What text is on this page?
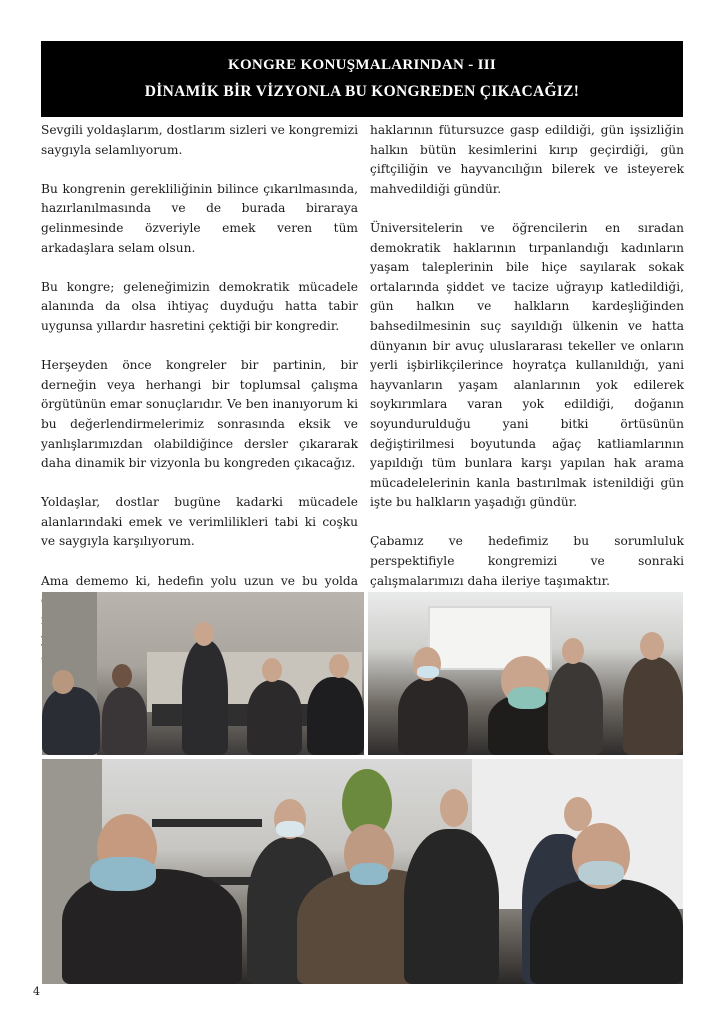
KONGRE KONUŞMALARINDAN - III
DİNAMİK BİR VİZYONLA BU KONGREDEN ÇIKACAĞIZ!

Sevgili yoldaşlarım, dostlarım sizleri ve kongremizi saygıyla selamlıyorum.

Bu kongrenin gerekliliğinin bilince çıkarılmasında, hazırlanılmasında ve de burada biraraya gelinmesinde özveriyle emek veren tüm arkadaşlara selam olsun.

Bu kongre; geleneğimizin demokratik mücadele alanında da olsa ihtiyaç duyduğu hatta tabir uygunsa yıllardır hasretini çektiği bir kongredir.

Herşeyden önce kongreler bir partinin, bir derneğin veya herhangi bir toplumsal çalışma örgütünün emar sonuçlarıdır. Ve ben inanıyorum ki bu değerlendirmelerimiz sonrasında eksik ve yanlışlarımızdan olabildiğince dersler çıkararak daha dinamik bir vizyonla bu kongreden çıkacağız.

Yoldaşlar, dostlar bugüne kadarki mücadele alanlarındaki emek ve verimlilikleri tabi ki coşku ve saygıyla karşılıyorum.

Ama dememo ki, hedefin yolu uzun ve bu yolda

haklarının fütursuzce gasp edildiği, gün işsizliğin halkın bütün kesimlerini kırıp geçirdiği, gün çiftçiliğin ve hayvancılığın bilerek ve isteyerek mahvedildiği gündür.

Üniversitelerin ve öğrencilerin en sıradan demokratik haklarının tırpanlandığı kadınların yaşam taleplerinin bile hiçe sayılarak sokak ortalarında şiddet ve tacize uğrayıp katledildiği, gün halkın ve halkların kardeşliğinden bahsedilmesinin suç sayıldığı ülkenin ve hatta dünyanın bir avuç uluslararası tekeller ve onların yerli işbirlikçilerince hoyratça kullanıldığı, yani hayvanların yaşam alanlarının yok edilerek soykırımlara varan yok edildiği, doğanın soyundurulduğu yani bitki örtüsünün değiştirilmesi boyutunda ağaç katliamlarının yapıldığı tüm bunlara karşı yapılan hak arama mücadelelerinin kanla bastırılmak istenildiği gün işte bu halkların yaşadığı gündür.

Çabamız ve hedefimiz bu sorumluluk perspektifiyle kongremizi ve sonraki çalışmalarımızı daha ileriye taşımaktır.

4
